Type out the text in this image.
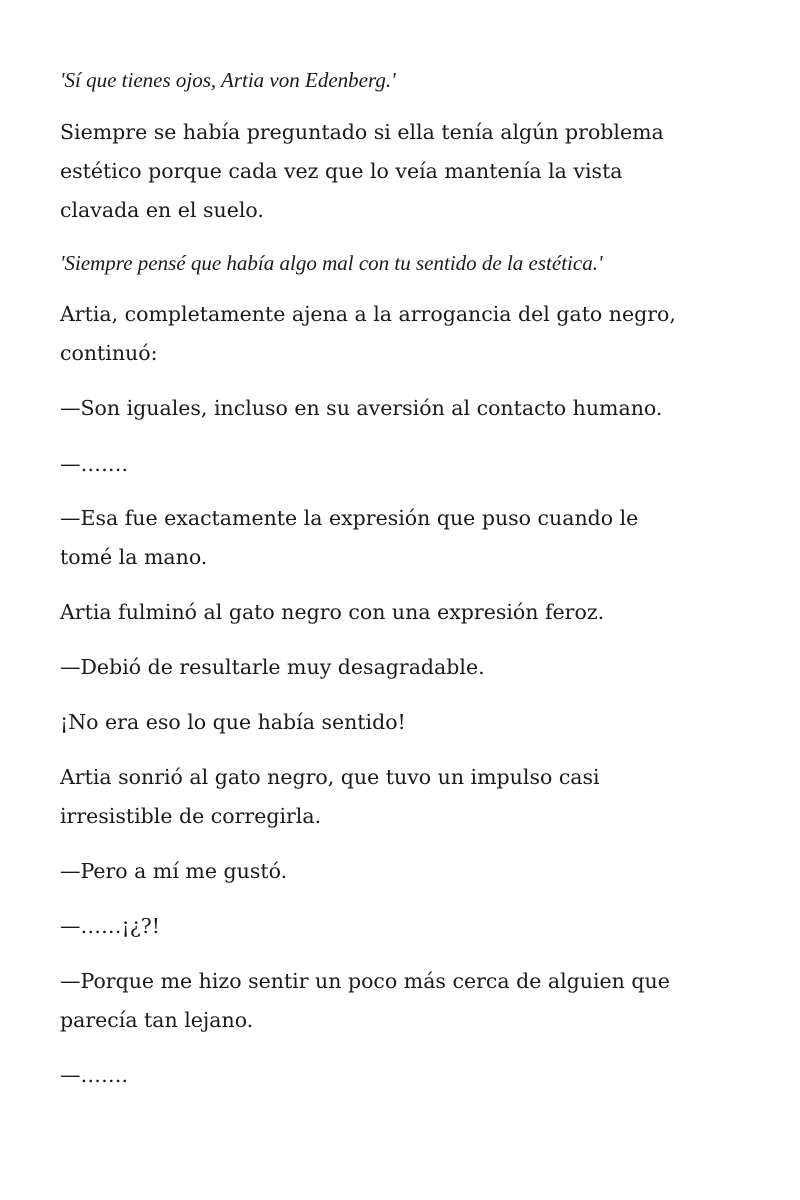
'Sí que tienes ojos, Artia von Edenberg.'

Siempre se había preguntado si ella tenía algún problema
estético porque cada vez que lo veía mantenía la vista
clavada en el suelo.

'Siempre pensé que había algo mal con tu sentido de la estética.'

Artia, completamente ajena a la arrogancia del gato negro,
continuó:

—Son iguales, incluso en su aversión al contacto humano.

—…….

—Esa fue exactamente la expresión que puso cuando le
tomé la mano.

Artia fulminó al gato negro con una expresión feroz.

—Debió de resultarle muy desagradable.

¡No era eso lo que había sentido!

Artia sonrió al gato negro, que tuvo un impulso casi
irresistible de corregirla.

—Pero a mí me gustó.

—……¡¿?!

—Porque me hizo sentir un poco más cerca de alguien que
parecía tan lejano.

—…….
